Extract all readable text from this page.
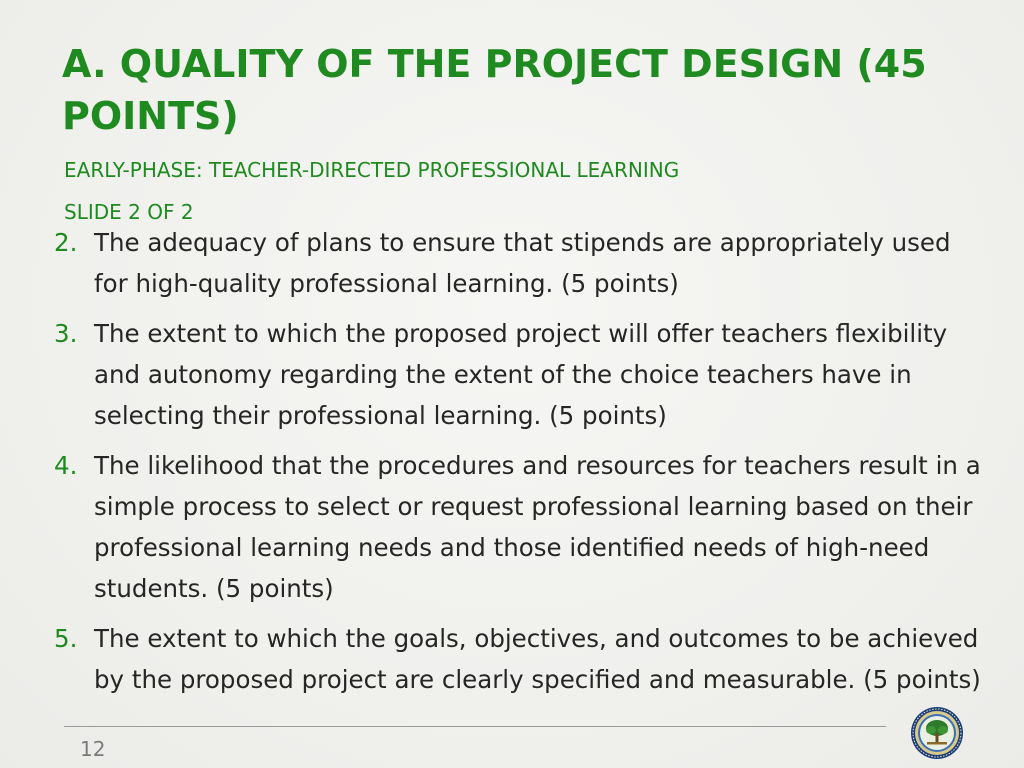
A. QUALITY OF THE PROJECT DESIGN (45 POINTS)

EARLY-PHASE: TEACHER-DIRECTED PROFESSIONAL LEARNING

SLIDE 2 OF 2

2. The adequacy of plans to ensure that stipends are appropriately used for high-quality professional learning. (5 points)
3. The extent to which the proposed project will offer teachers flexibility and autonomy regarding the extent of the choice teachers have in selecting their professional learning. (5 points)
4. The likelihood that the procedures and resources for teachers result in a simple process to select or request professional learning based on their professional learning needs and those identified needs of high-need students. (5 points)
5. The extent to which the goals, objectives, and outcomes to be achieved by the proposed project are clearly specified and measurable. (5 points)
12
